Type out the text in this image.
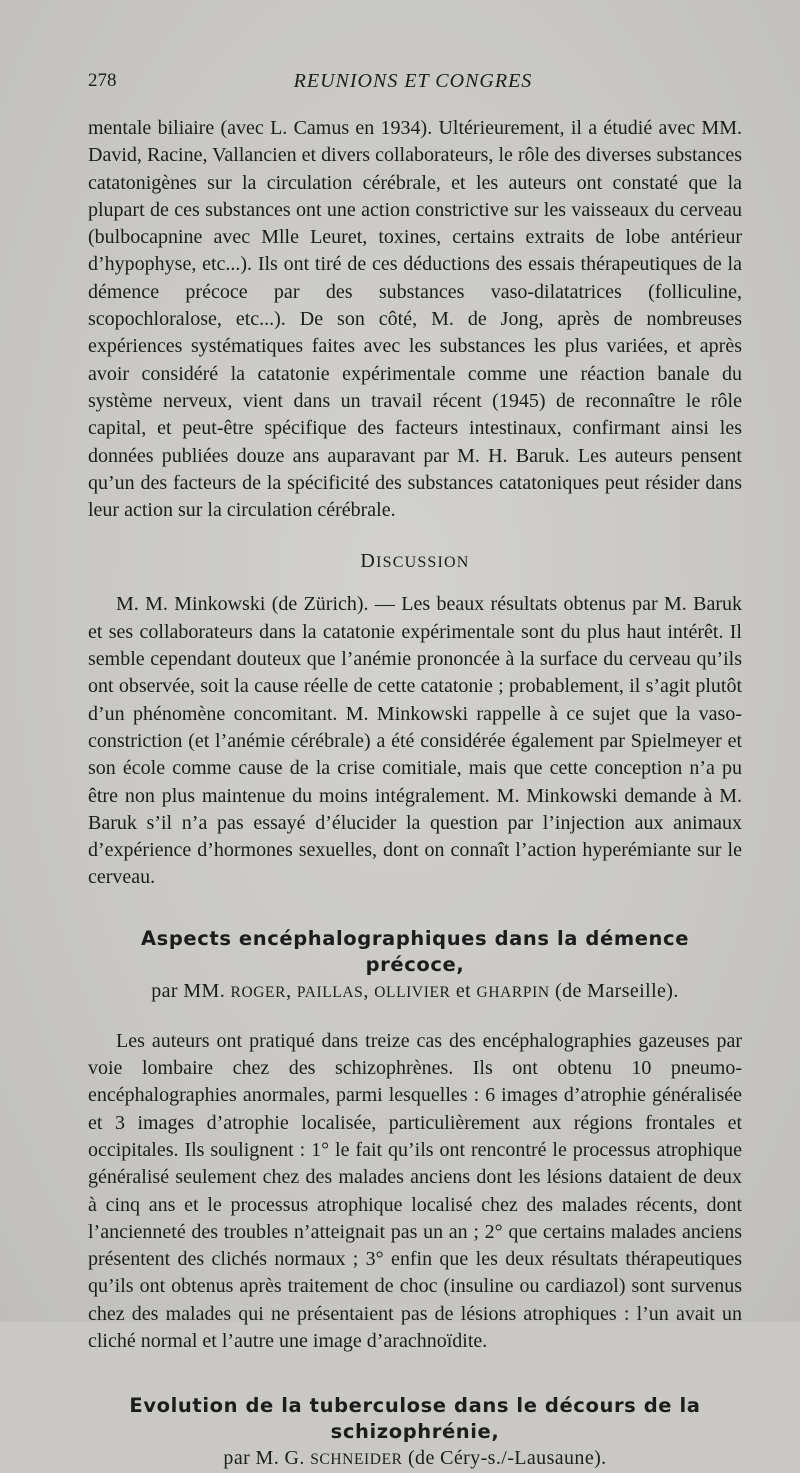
278	REUNIONS ET CONGRES

mentale biliaire (avec L. Camus en 1934). Ultérieurement, il a étudié avec MM. David, Racine, Vallancien et divers collaborateurs, le rôle des diverses substances catatonigènes sur la circulation cérébrale, et les auteurs ont constaté que la plupart de ces substances ont une action constrictive sur les vaisseaux du cerveau (bulbocapnine avec Mlle Leuret, toxines, certains extraits de lobe antérieur d’hypophyse, etc...). Ils ont tiré de ces déductions des essais thérapeutiques de la démence précoce par des substances vaso-dilatatrices (folliculine, scopochloralose, etc...). De son côté, M. de Jong, après de nombreuses expériences systématiques faites avec les substances les plus variées, et après avoir considéré la catatonie expérimentale comme une réaction banale du système nerveux, vient dans un travail récent (1945) de reconnaître le rôle capital, et peut-être spécifique des facteurs intestinaux, confirmant ainsi les données publiées douze ans auparavant par M. H. Baruk. Les auteurs pensent qu’un des facteurs de la spécificité des substances catatoniques peut résider dans leur action sur la circulation cérébrale.

DISCUSSION

M. M. Minkowski (de Zürich). — Les beaux résultats obtenus par M. Baruk et ses collaborateurs dans la catatonie expérimentale sont du plus haut intérêt. Il semble cependant douteux que l’anémie prononcée à la surface du cerveau qu’ils ont observée, soit la cause réelle de cette catatonie ; probablement, il s’agit plutôt d’un phénomène concomitant. M. Minkowski rappelle à ce sujet que la vaso-constriction (et l’anémie cérébrale) a été considérée également par Spielmeyer et son école comme cause de la crise comitiale, mais que cette conception n’a pu être non plus maintenue du moins intégralement. M. Minkowski demande à M. Baruk s’il n’a pas essayé d’élucider la question par l’injection aux animaux d’expérience d’hormones sexuelles, dont on connaît l’action hyperémiante sur le cerveau.

Aspects encéphalographiques dans la démence précoce,
par MM. ROGER, PAILLAS, OLLIVIER et GHARPIN (de Marseille).

Les auteurs ont pratiqué dans treize cas des encéphalographies gazeuses par voie lombaire chez des schizophrènes. Ils ont obtenu 10 pneumo-encéphalographies anormales, parmi lesquelles : 6 images d’atrophie généralisée et 3 images d’atrophie localisée, particulièrement aux régions frontales et occipitales. Ils soulignent : 1° le fait qu’ils ont rencontré le processus atrophique généralisé seulement chez des malades anciens dont les lésions dataient de deux à cinq ans et le processus atrophique localisé chez des malades récents, dont l’ancienneté des troubles n’atteignait pas un an ; 2° que certains malades anciens présentent des clichés normaux ; 3° enfin que les deux résultats thérapeutiques qu’ils ont obtenus après traitement de choc (insuline ou cardiazol) sont survenus chez des malades qui ne présentaient pas de lésions atrophiques : l’un avait un cliché normal et l’autre une image d’arachnoïdite.

Evolution de la tuberculose dans le décours de la schizophrénie,
par M. G. SCHNEIDER (de Céry-s./-Lausaune).
